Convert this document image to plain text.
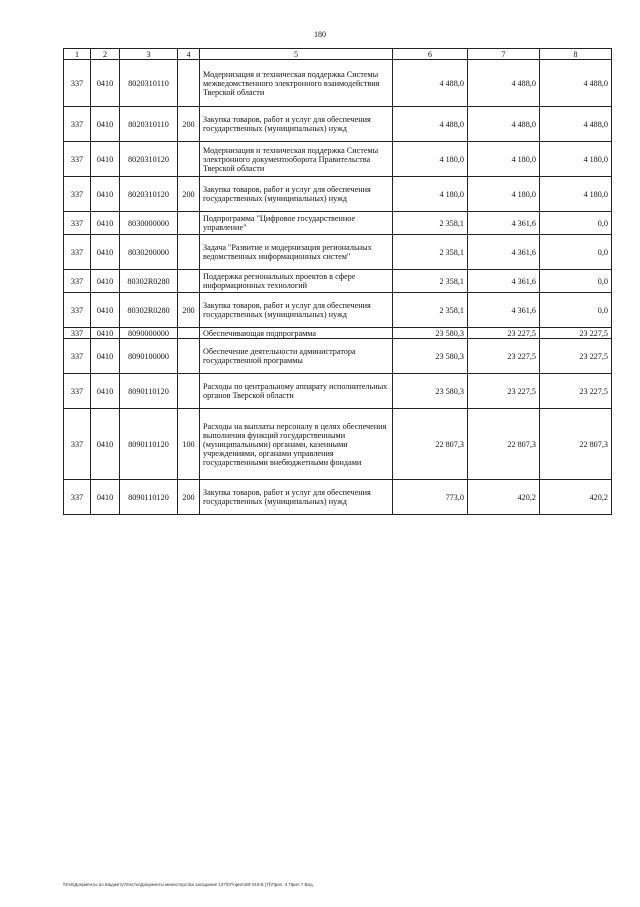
180
1	2	3	4	5	6	7	8
337	0410	8020310110		Модернизация и техническая поддержка Системы межведомственного электронного взаимодействия Тверской области	4 488,0	4 488,0	4 488,0
337	0410	8020310110	200	Закупка товаров, работ и услуг для обеспечения государственных (муниципальных) нужд	4 488,0	4 488,0	4 488,0
337	0410	8020310120		Модернизация и техническая поддержка Системы электронного документооборота Правительства Тверской области	4 180,0	4 180,0	4 180,0
337	0410	8020310120	200	Закупка товаров, работ и услуг для обеспечения государственных (муниципальных) нужд	4 180,0	4 180,0	4 180,0
337	0410	8030000000		Подпрограмма "Цифровое государственное управление"	2 358,1	4 361,6	0,0
337	0410	8030200000		Задача "Развитие и модернизация региональных ведомственных информационных систем"	2 358,1	4 361,6	0,0
337	0410	80302R0280		Поддержка региональных проектов в сфере информационных технологий	2 358,1	4 361,6	0,0
337	0410	80302R0280	200	Закупка товаров, работ и услуг для обеспечения государственных (муниципальных) нужд	2 358,1	4 361,6	0,0
337	0410	8090000000		Обеспечивающая подпрограмма	23 580,3	23 227,5	23 227,5
337	0410	8090100000		Обеспечение деятельности администратора государственной программы	23 580,3	23 227,5	23 227,5
337	0410	8090110120		Расходы по центральному аппарату исполнительных органов Тверской области	23 580,3	23 227,5	23 227,5
337	0410	8090110120	100	Расходы на выплаты персоналу в целях обеспечения выполнения функций государственными (муниципальными) органами, казенными учреждениями, органами управления государственными внебюджетными фондами	22 807,3	22 807,3	22 807,3
337	0410	8090110120	200	Закупка товаров, работ и услуг для обеспечения государственных (муниципальных) нужд	773,0	420,2	420,2
\\Fs6\Документы по Бюджету\Тексты\Документы министерства заседание 137\07\прил\ЗФ 919-8 (7)\Прил. 4 Прил 7 Вед.
